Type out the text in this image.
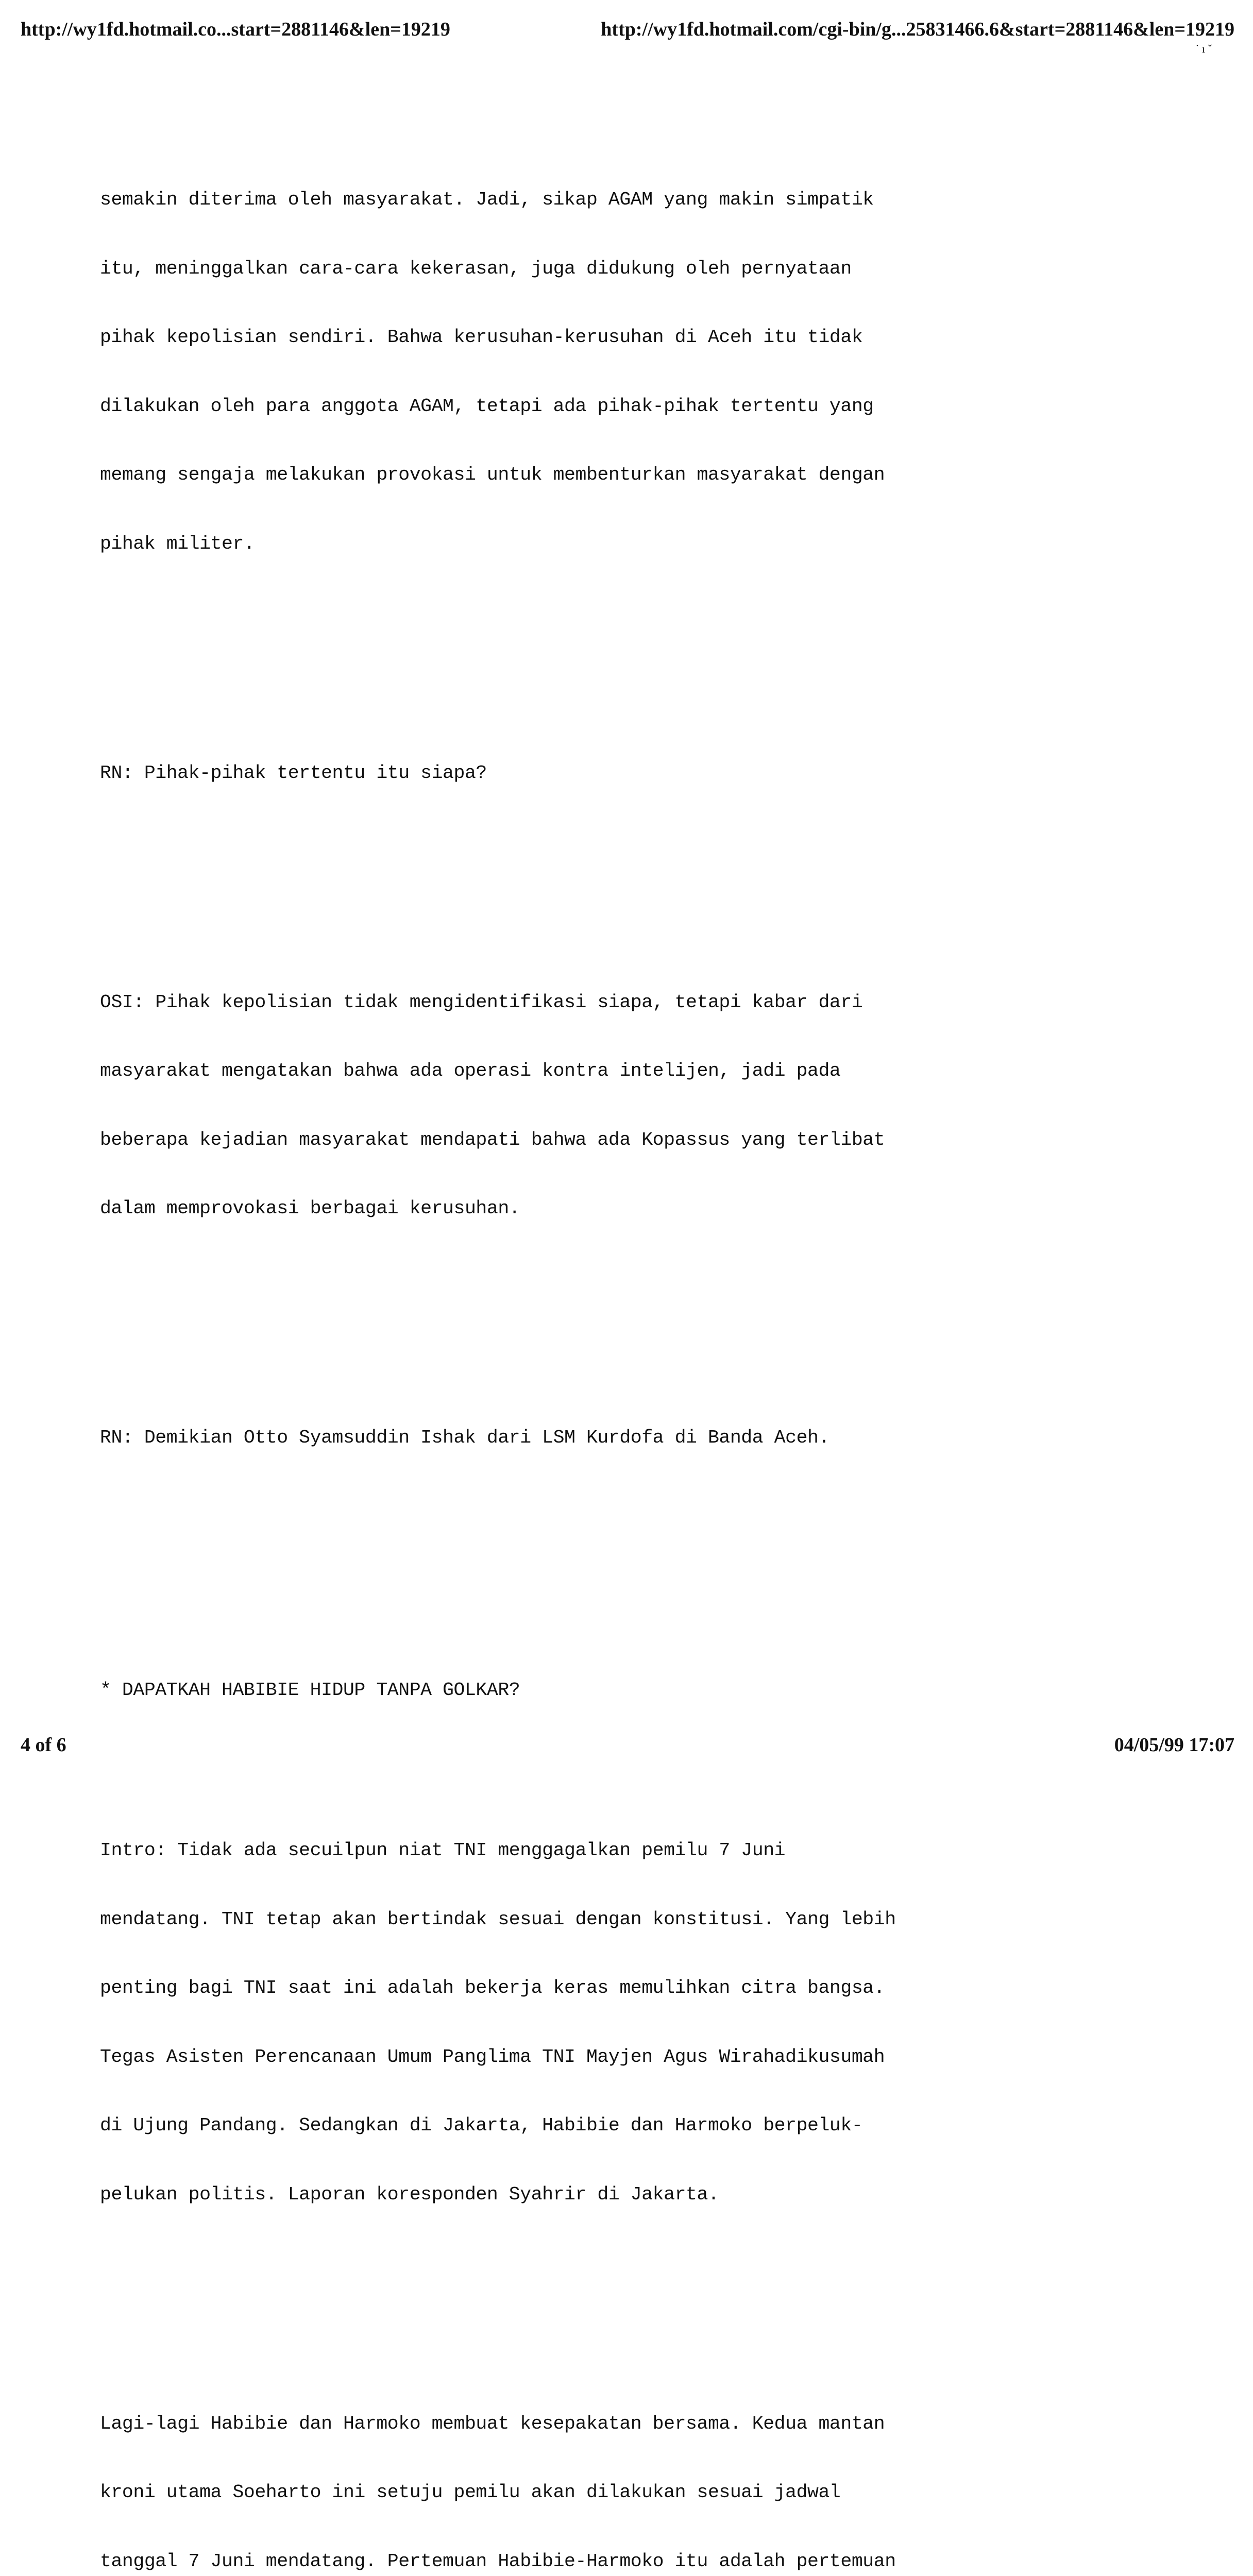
http://wy1fd.hotmail.co...start=2881146&len=19219	http://wy1fd.hotmail.com/cgi-bin/g...25831466.6&start=2881146&len=19219
˙ ı ˇ

semakin diterima oleh masyarakat. Jadi, sikap AGAM yang makin simpatik

itu, meninggalkan cara-cara kekerasan, juga didukung oleh pernyataan

pihak kepolisian sendiri. Bahwa kerusuhan-kerusuhan di Aceh itu tidak

dilakukan oleh para anggota AGAM, tetapi ada pihak-pihak tertentu yang

memang sengaja melakukan provokasi untuk membenturkan masyarakat dengan

pihak militer.

RN: Pihak-pihak tertentu itu siapa?

OSI: Pihak kepolisian tidak mengidentifikasi siapa, tetapi kabar dari

masyarakat mengatakan bahwa ada operasi kontra intelijen, jadi pada

beberapa kejadian masyarakat mendapati bahwa ada Kopassus yang terlibat

dalam memprovokasi berbagai kerusuhan.

RN: Demikian Otto Syamsuddin Ishak dari LSM Kurdofa di Banda Aceh.

* DAPATKAH HABIBIE HIDUP TANPA GOLKAR?

Intro: Tidak ada secuilpun niat TNI menggagalkan pemilu 7 Juni

mendatang. TNI tetap akan bertindak sesuai dengan konstitusi. Yang lebih

penting bagi TNI saat ini adalah bekerja keras memulihkan citra bangsa.

Tegas Asisten Perencanaan Umum Panglima TNI Mayjen Agus Wirahadikusumah

di Ujung Pandang. Sedangkan di Jakarta, Habibie dan Harmoko berpeluk-

pelukan politis. Laporan koresponden Syahrir di Jakarta.

Lagi-lagi Habibie dan Harmoko membuat kesepakatan bersama. Kedua mantan

kroni utama Soeharto ini setuju pemilu akan dilakukan sesuai jadwal

tanggal 7 Juni mendatang. Pertemuan Habibie-Harmoko itu adalah pertemuan

4 of 6	04/05/99 17:07
